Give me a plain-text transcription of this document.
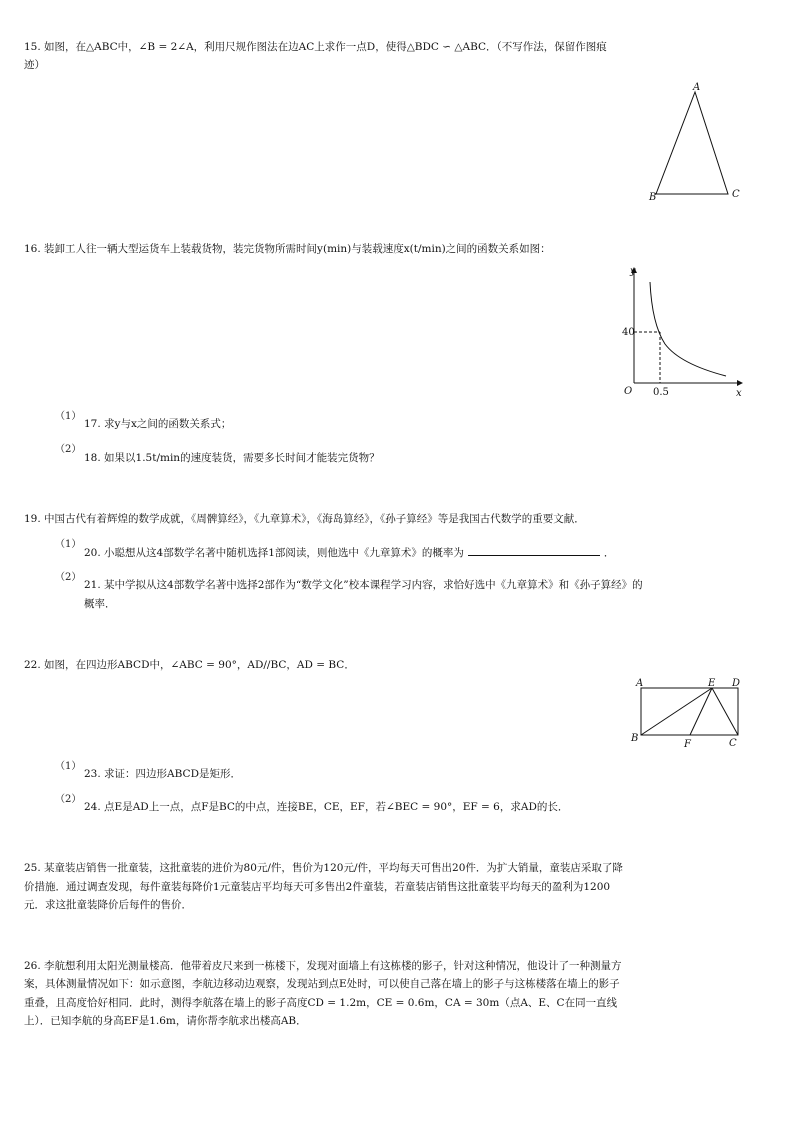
15. 如图，在△ABC中，∠B = 2∠A，利用尺规作图法在边AC上求作一点D，使得△BDC ∽ △ABC．（不写作法，保留作图痕
迹）
A
B	C
16. 装卸工人往一辆大型运货车上装载货物，装完货物所需时间y(min)与装载速度x(t/min)之间的函数关系如图：
y
x
O
40
0.5
（1）
17. 求y与x之间的函数关系式；
（2）
18. 如果以1.5t/min的速度装货，需要多长时间才能装完货物？
19. 中国古代有着辉煌的数学成就，《周髀算经》，《九章算术》，《海岛算经》，《孙子算经》等是我国古代数学的重要文献．
（1）
20. 小聪想从这4部数学名著中随机选择1部阅读，则他选中《九章算术》的概率为	．
（2）
21. 某中学拟从这4部数学名著中选择2部作为“数学文化”校本课程学习内容，求恰好选中《九章算术》和《孙子算经》的
概率．
22. 如图，在四边形ABCD中，∠ABC = 90°，AD//BC，AD = BC．
A	E D
B
F	C
（1）
23. 求证：四边形ABCD是矩形．
（2）
24. 点E是AD上一点，点F是BC的中点，连接BE，CE，EF，若∠BEC = 90°，EF = 6，求AD的长．
25. 某童装店销售一批童装，这批童装的进价为80元/件，售价为120元/件，平均每天可售出20件．为扩大销量，童装店采取了降
价措施．通过调查发现，每件童装每降价1元童装店平均每天可多售出2件童装，若童装店销售这批童装平均每天的盈利为1200
元．求这批童装降价后每件的售价．
26. 李航想利用太阳光测量楼高．他带着皮尺来到一栋楼下，发现对面墙上有这栋楼的影子，针对这种情况，他设计了一种测量方
案，具体测量情况如下：如示意图，李航边移动边观察，发现站到点E处时，可以使自己落在墙上的影子与这栋楼落在墙上的影子
重叠，且高度恰好相同．此时，测得李航落在墙上的影子高度CD = 1.2m，CE = 0.6m，CA = 30m（点A、E、C在同一直线
上）．已知李航的身高EF是1.6m，请你帮李航求出楼高AB．
